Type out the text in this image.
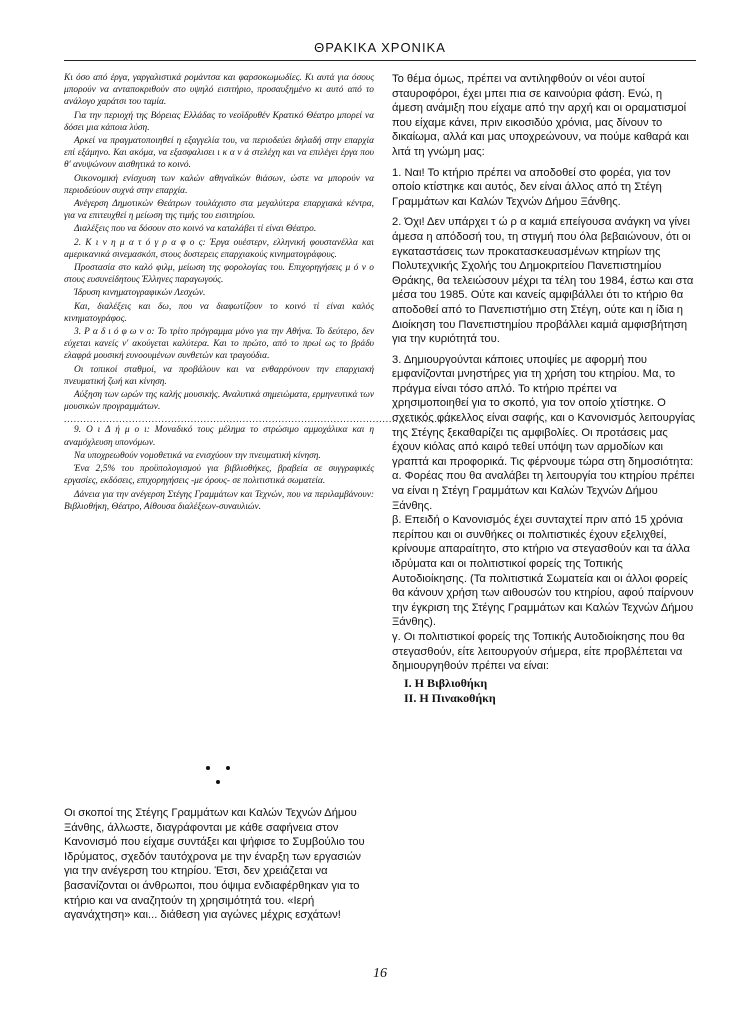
ΘΡΑΚΙΚΑ ΧΡΟΝΙΚΑ

Κι όσο από έργα, γαργαλιστικά ρομάντσα και φαρσοκωμωδίες. Κι αυτά για όσους μπορούν να ανταποκριθούν στο υψηλό εισιτήριο, προσαυξημένο κι αυτό από το ανάλογο χαράτσι του ταμία.

Για την περιοχή της Βόρειας Ελλάδας το νεοϊδρυθέν Κρατικό Θέατρο μπορεί να δόσει μια κάποια λύση.

Αρκεί να πραγματοποιηθεί η εξαγγελία του, να περιοδεύει δηλαδή στην επαρχία επί εξάμηνο. Και ακόμα, να εξασφαλισει ι κ α ν ά στελέχη και να επιλέγει έργα που θ' ανυψώνουν αισθητικά το κοινό.

Οικονομική ενίσχυση των καλών αθηναϊκών θιάσων, ώστε να μπορούν να περιοδεύουν συχνά στην επαρχία.

Ανέγερση Δημοτικών Θεάτρων τουλάχιστο στα μεγαλύτερα επαρχιακά κέντρα, για να επιτευχθεί η μείωση της τιμής του εισιτηρίου.

Διαλέξεις που να δόσουν στο κοινό να καταλάβει τί είναι Θέατρο.

2. Κ ι ν η μ α τ ό γ ρ α φ ο ς: Έργα ουέστερν, ελληνική φουστανέλλα και αμερικανικά σινεμασκόπ, στους δυστερεις επαρχιακούς κινηματογράφους.

Προστασία στο καλό φιλμ, μείωση της φορολογίας του. Επιχορηγήσεις μ ό ν ο στους ευσυνείδητους Έλληνες παραγωγούς.

Ίδρυση κινηματογραφικών Λεσχών.

Και, διαλέξεις και δω, που να διαφωτίζουν το κοινό τί είναι καλός κινηματογράφος.

3. Ρ α δ ι ό φ ω ν ο: Το τρίτο πρόγραμμα μόνο για την Αθήνα. Το δεύτερο, δεν εύχεται κανείς ν' ακούγεται καλύτερα. Και το πρώτο, από το πρωί ως το βράδυ ελαφρά μουσική ευνοουμένων συνθετών και τραγούδια.

Οι τοπικοί σταθμοί, να προβάλουν και να ενθαρρύνουν την επαρχιακή πνευματική ζωή και κίνηση.

Αύξηση των ωρών της καλής μουσικής. Αναλυτικά σημειώματα, ερμηνευτικά των μουσικών προγραμμάτων.

........................................................................................................................

9. Ο ι Δ ή μ ο ι: Μοναδικό τους μέλημα το στρώσιμο αμμοχάλικα και η αναμόχλευση υπονόμων.

Να υποχρεωθούν νομοθετικά να ενισχύουν την πνευματική κίνηση.

Ένα 2,5% του προϋπολογισμού για βιβλιοθήκες, βραβεία σε συγγραφικές εργασίες, εκδόσεις, επιχορηγήσεις -με όρους- σε πολιτιστικά σωματεία.

Δάνεια για την ανέγερση Στέγης Γραμμάτων και Τεχνών, που να περιλαμβάνουν: Βιβλιοθήκη, Θέατρο, Αίθουσα διαλέξεων-συναυλιών.

Οι σκοποί της Στέγης Γραμμάτων και Καλών Τεχνών Δήμου Ξάνθης, άλλωστε, διαγράφονται με κάθε σαφήνεια στον Κανονισμό που είχαμε συντάξει και ψήφισε το Συμβούλιο του Ιδρύματος, σχεδόν ταυτόχρονα με την έναρξη των εργασιών για την ανέγερση του κτηρίου. Έτσι, δεν χρειάζεται να βασανίζονται οι άνθρωποι, που όψιμα ενδιαφέρθηκαν για το κτήριο και να αναζητούν τη χρησιμότητά του. «Ιερή αγανάχτηση» και... διάθεση για αγώνες μέχρις εσχάτων!

Το θέμα όμως, πρέπει να αντιληφθούν οι νέοι αυτοί σταυροφόροι, έχει μπει πια σε καινούρια φάση. Ενώ, η άμεση ανάμιξη που είχαμε από την αρχή και οι οραματισμοί που είχαμε κάνει, πριν εικοσιδύο χρόνια, μας δίνουν το δικαίωμα, αλλά και μας υποχρεώνουν, να πούμε καθαρά και λιτά τη γνώμη μας:

1. Ναι! Το κτήριο πρέπει να αποδοθεί στο φορέα, για τον οποίο κτίστηκε και αυτός, δεν είναι άλλος από τη Στέγη Γραμμάτων και Καλών Τεχνών Δήμου Ξάνθης.

2. Όχι! Δεν υπάρχει τ ώ ρ α καμιά επείγουσα ανάγκη να γίνει άμεσα η απόδοσή του, τη στιγμή που όλα βεβαιώνουν, ότι οι εγκαταστάσεις των προκατασκευασμένων κτηρίων της Πολυτεχνικής Σχολής του Δημοκριτείου Πανεπιστημίου Θράκης, θα τελειώσουν μέχρι τα τέλη του 1984, έστω και στα μέσα του 1985. Ούτε και κανείς αμφιβάλλει ότι το κτήριο θα αποδοθεί από το Πανεπιστήμιο στη Στέγη, ούτε και η ίδια η Διοίκηση του Πανεπιστημίου προβάλλει καμιά αμφισβήτηση για την κυριότητά του.

3. Δημιουργούνται κάποιες υποψίες με αφορμή που εμφανίζονται μνηστήρες για τη χρήση του κτηρίου. Μα, το πράγμα είναι τόσο απλό. Το κτήριο πρέπει να χρησιμοποιηθεί για το σκοπό, για τον οποίο χτίστηκε. Ο σχετικός φάκελλος είναι σαφής, και ο Κανονισμός λειτουργίας της Στέγης ξεκαθαρίζει τις αμφιβολίες. Οι προτάσεις μας έχουν κιόλας από καιρό τεθεί υπόψη των αρμοδίων και γραπτά και προφορικά. Τις φέρνουμε τώρα στη δημοσιότητα:

α. Φορέας που θα αναλάβει τη λειτουργία του κτηρίου πρέπει να είναι η Στέγη Γραμμάτων και Καλών Τεχνών Δήμου Ξάνθης.

β. Επειδή ο Κανονισμός έχει συνταχτεί πριν από 15 χρόνια περίπου και οι συνθήκες οι πολιτιστικές έχουν εξελιχθεί, κρίνουμε απαραίτητο, στο κτήριο να στεγασθούν και τα άλλα ιδρύματα και οι πολιτιστικοί φορείς της Τοπικής Αυτοδιοίκησης. (Τα πολιτιστικά Σωματεία και οι άλλοι φορείς θα κάνουν χρήση των αιθουσών του κτηρίου, αφού παίρνουν την έγκριση της Στέγης Γραμμάτων και Καλών Τεχνών Δήμου Ξάνθης).

γ. Οι πολιτιστικοί φορείς της Τοπικής Αυτοδιοίκησης που θα στεγασθούν, είτε λειτουργούν σήμερα, είτε προβλέπεται να δημιουργηθούν πρέπει να είναι:

Ι. Η Βιβλιοθήκη
ΙΙ. Η Πινακοθήκη
16
